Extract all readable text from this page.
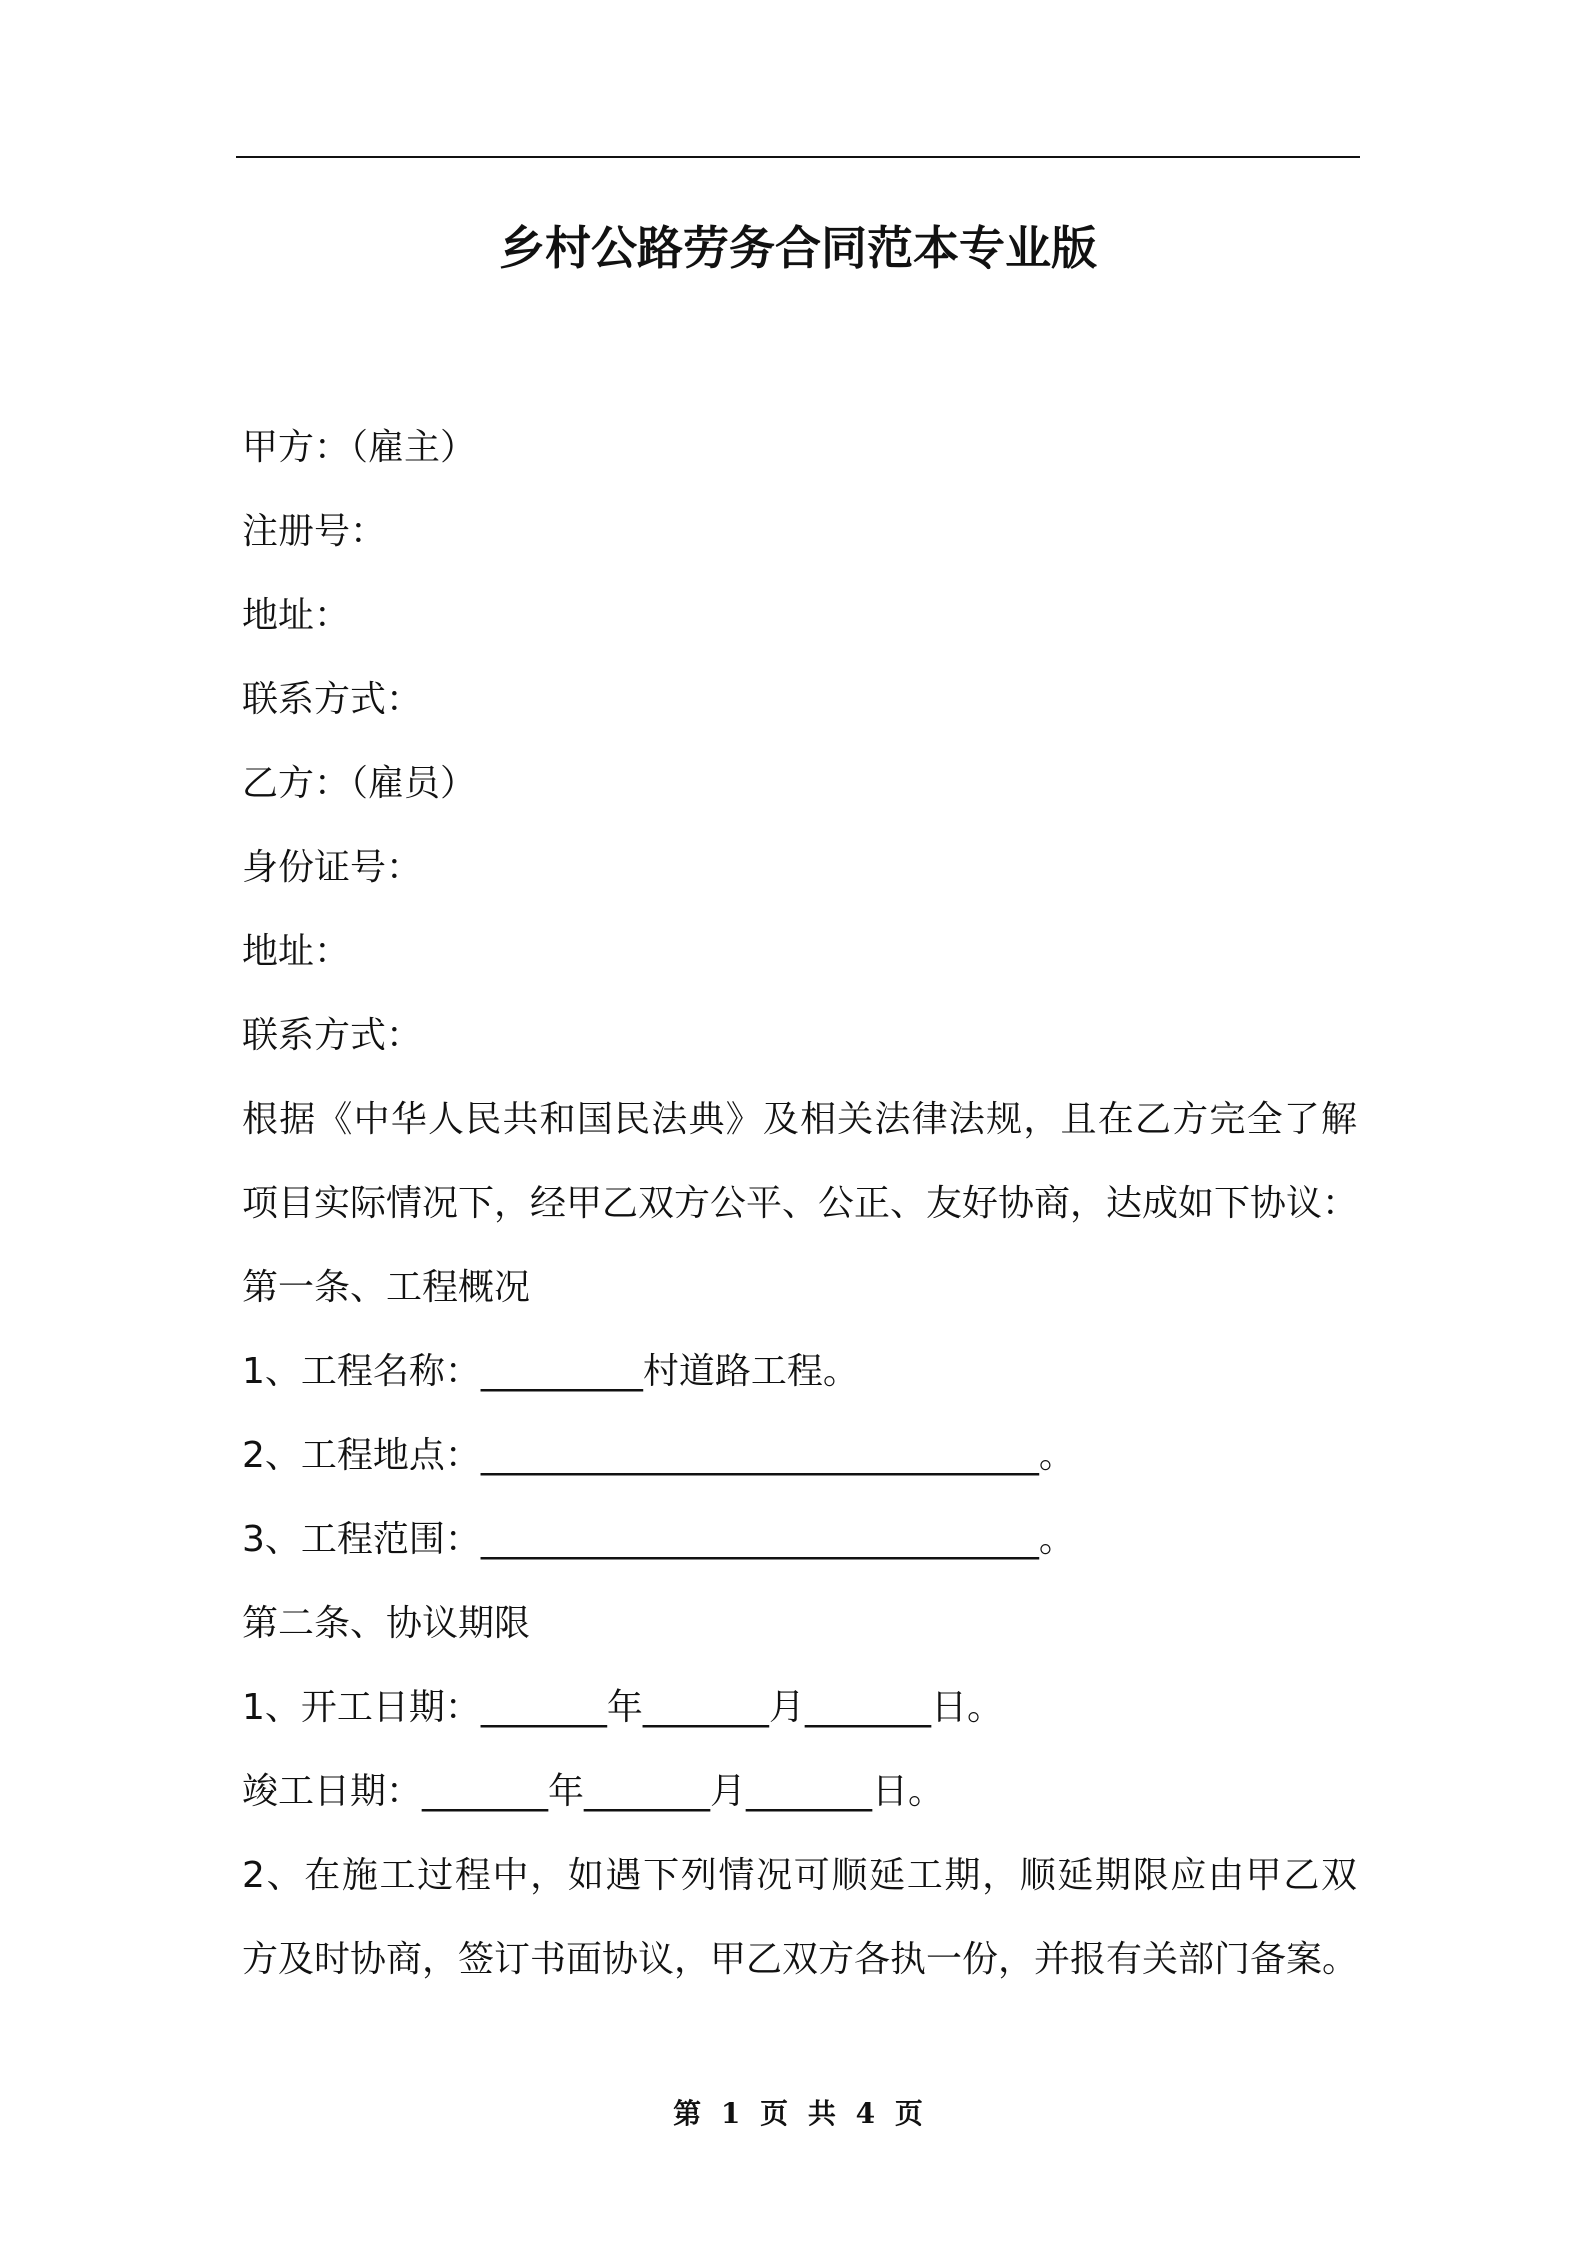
乡村公路劳务合同范本专业版
甲方：（雇主）
注册号：
地址：
联系方式：
乙方：（雇员）
身份证号：
地址：
联系方式：
根据《中华人民共和国民法典》及相关法律法规，且在乙方完全了解
项目实际情况下，经甲乙双方公平、公正、友好协商，达成如下协议：
第一条、工程概况
1、工程名称：_________村道路工程。
2、工程地点：_______________________________。
3、工程范围：_______________________________。
第二条、协议期限
1、开工日期：_______年_______月_______日。
竣工日期：_______年_______月_______日。
2、在施工过程中，如遇下列情况可顺延工期，顺延期限应由甲乙双
方及时协商，签订书面协议，甲乙双方各执一份，并报有关部门备案。
第 1 页 共 4 页
